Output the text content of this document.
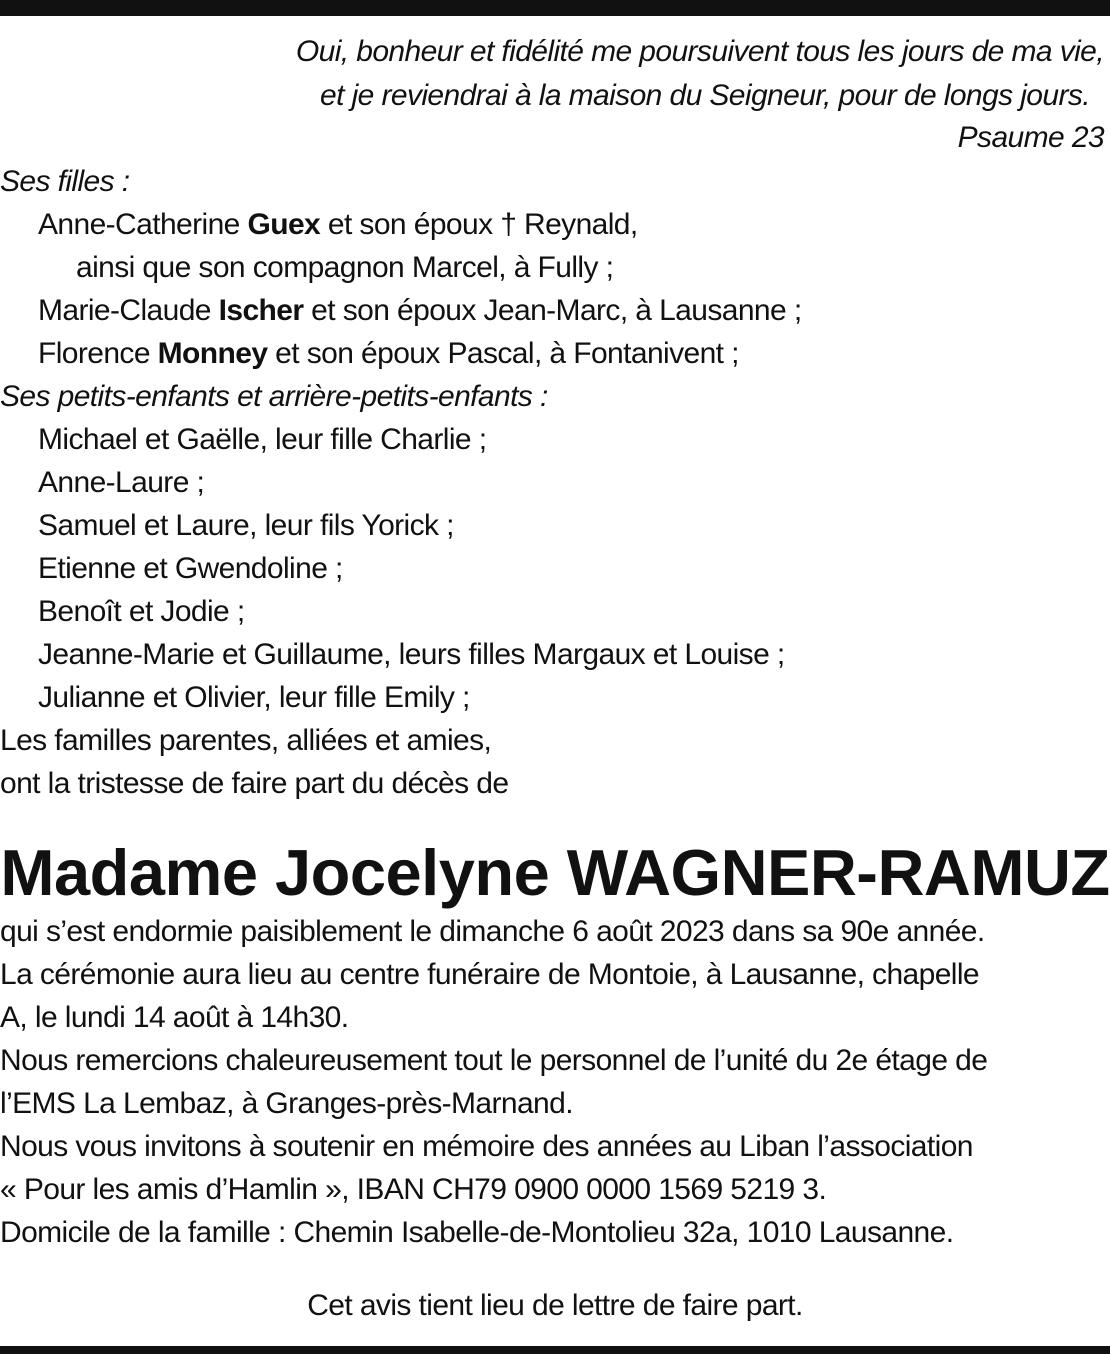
Oui, bonheur et fidélité me poursuivent tous les jours de ma vie,
et je reviendrai à la maison du Seigneur, pour de longs jours.
Psaume 23
Ses filles :
Anne-Catherine Guex et son époux † Reynald,
ainsi que son compagnon Marcel, à Fully ;
Marie-Claude Ischer et son époux Jean-Marc, à Lausanne ;
Florence Monney et son époux Pascal, à Fontanivent ;
Ses petits-enfants et arrière-petits-enfants :
Michael et Gaëlle, leur fille Charlie ;
Anne-Laure ;
Samuel et Laure, leur fils Yorick ;
Etienne et Gwendoline ;
Benoît et Jodie ;
Jeanne-Marie et Guillaume, leurs filles Margaux et Louise ;
Julianne et Olivier, leur fille Emily ;
Les familles parentes, alliées et amies,
ont la tristesse de faire part du décès de
Madame Jocelyne WAGNER-RAMUZ
qui s’est endormie paisiblement le dimanche 6 août 2023 dans sa 90e année.
La cérémonie aura lieu au centre funéraire de Montoie, à Lausanne, chapelle
A, le lundi 14 août à 14h30.
Nous remercions chaleureusement tout le personnel de l’unité du 2e étage de
l’EMS La Lembaz, à Granges-près-Marnand.
Nous vous invitons à soutenir en mémoire des années au Liban l’association
« Pour les amis d’Hamlin », IBAN CH79 0900 0000 1569 5219 3.
Domicile de la famille : Chemin Isabelle-de-Montolieu 32a, 1010 Lausanne.
Cet avis tient lieu de lettre de faire part.
